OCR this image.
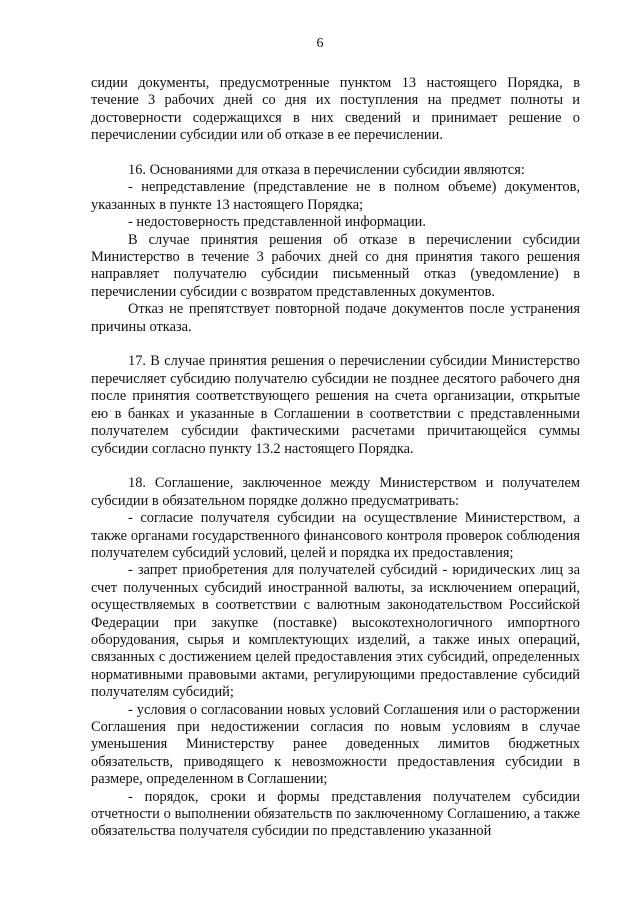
6

сидии документы, предусмотренные пунктом 13 настоящего Порядка, в течение 3 рабочих дней со дня их поступления на предмет полноты и достоверности содержащихся в них сведений и принимает решение о перечислении субсидии или об отказе в ее перечислении.

16. Основаниями для отказа в перечислении субсидии являются:

- непредставление (представление не в полном объеме) документов, указанных в пункте 13 настоящего Порядка;

- недостоверность представленной информации.

В случае принятия решения об отказе в перечислении субсидии Министерство в течение 3 рабочих дней со дня принятия такого решения направляет получателю субсидии письменный отказ (уведомление) в перечислении субсидии с возвратом представленных документов.

Отказ не препятствует повторной подаче документов после устранения причины отказа.

17. В случае принятия решения о перечислении субсидии Министерство перечисляет субсидию получателю субсидии не позднее десятого рабочего дня после принятия соответствующего решения на счета организации, открытые ею в банках и указанные в Соглашении в соответствии с представленными получателем субсидии фактическими расчетами причитающейся суммы субсидии согласно пункту 13.2 настоящего Порядка.

18. Соглашение, заключенное между Министерством и получателем субсидии в обязательном порядке должно предусматривать:

- согласие получателя субсидии на осуществление Министерством, а также органами государственного финансового контроля проверок соблюдения получателем субсидий условий, целей и порядка их предоставления;

- запрет приобретения для получателей субсидий - юридических лиц за счет полученных субсидий иностранной валюты, за исключением операций, осуществляемых в соответствии с валютным законодательством Российской Федерации при закупке (поставке) высокотехнологичного импортного оборудования, сырья и комплектующих изделий, а также иных операций, связанных с достижением целей предоставления этих субсидий, определенных нормативными правовыми актами, регулирующими предоставление субсидий получателям субсидий;

- условия о согласовании новых условий Соглашения или о расторжении Соглашения при недостижении согласия по новым условиям в случае уменьшения Министерству ранее доведенных лимитов бюджетных обязательств, приводящего к невозможности предоставления субсидии в размере, определенном в Соглашении;

- порядок, сроки и формы представления получателем субсидии отчетности о выполнении обязательств по заключенному Соглашению, а также обязательства получателя субсидии по представлению указанной
